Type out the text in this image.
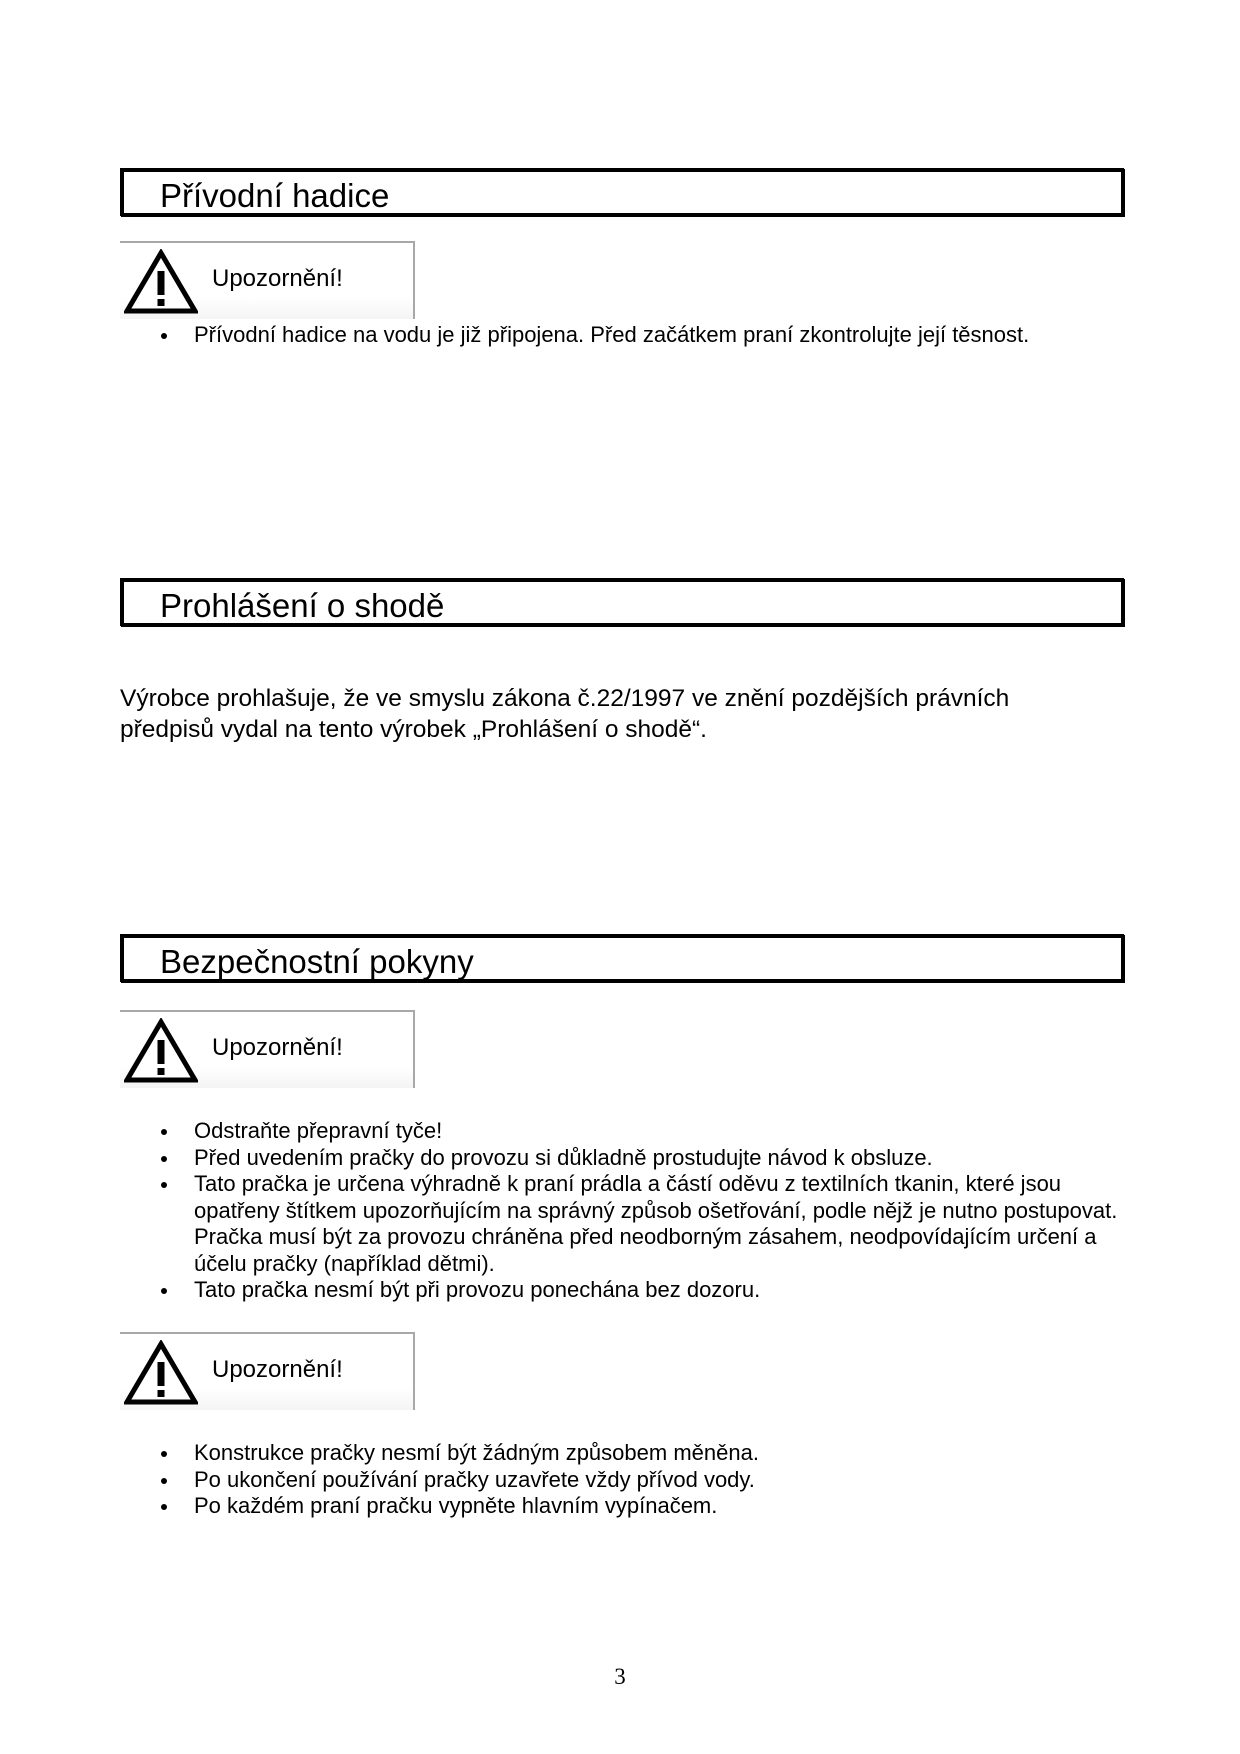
Přívodní hadice
Upozornění!
Přívodní hadice na vodu je již připojena. Před začátkem praní zkontrolujte její těsnost.
Prohlášení o shodě
Výrobce prohlašuje, že ve smyslu zákona č.22/1997 ve znění pozdějších právních
předpisů vydal na tento výrobek „Prohlášení o shodě“.
Bezpečnostní pokyny
Upozornění!
Odstraňte přepravní tyče!
Před uvedením pračky do provozu si důkladně prostudujte návod k obsluze.
Tato pračka je určena výhradně k praní prádla a částí oděvu z textilních tkanin, které jsou opatřeny štítkem upozorňujícím na správný způsob ošetřování, podle nějž je nutno postupovat. Pračka musí být za provozu chráněna před neodborným zásahem, neodpovídajícím určení a účelu pračky (například dětmi).
Tato pračka nesmí být při provozu ponechána bez dozoru.
Upozornění!
Konstrukce pračky nesmí být žádným způsobem měněna.
Po ukončení používání pračky uzavřete vždy přívod vody.
Po každém praní pračku vypněte hlavním vypínačem.
3
